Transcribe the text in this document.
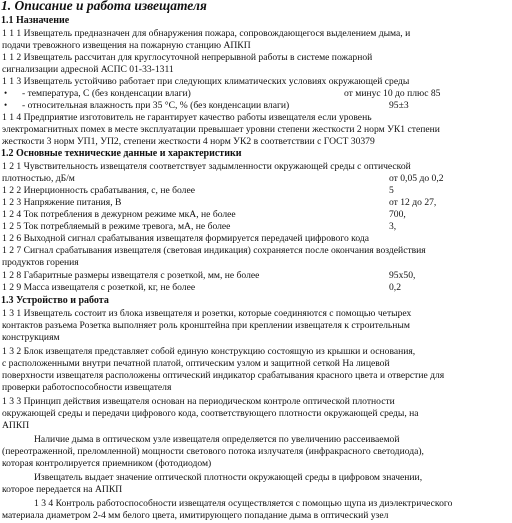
1. Описание и работа извещателя
1.1 Назначение
1 1 1 Извещатель предназначен для обнаружения пожара, сопровождающегося выделением дыма, и
подачи тревожного извещения на пожарную станцию АПКП
1 1 2 Извещатель рассчитан для круглосуточной непрерывной работы в системе пожарной
сигнализации адресной АСПС 01-33-1311
1 1 3 Извещатель устойчиво работает при следующих климатических условиях окружающей среды
• - температура, С (без конденсации влаги)	от минус 10 до плюс 85
• - относительная влажность при 35 °С, % (без конденсации влаги)	95±3
1 1 4 Предприятие изготовитель не гарантирует качество работы извещателя если уровень
электромагнитных помех в месте эксплуатации превышает уровни степени жесткости 2 норм УК1 степени
жесткости 3 норм УП1, УП2, степени жесткости 4 норм УК2 в соответствии с ГОСТ 30379
1.2 Основные технические данные и характеристики
1 2 1 Чувствительность извещателя соответствует задымленности окружающей среды с оптической
плотностью, дБ/м	от 0,05 до 0,2
1 2 2 Инерционность срабатывания, с, не более	5
1 2 3 Напряжение питания, В	от 12 до 27,
1 2 4 Ток потребления в дежурном режиме мкА, не более	700,
1 2 5 Ток потребляемый в режиме тревога, мА, не более	3,
1 2 6 Выходной сигнал срабатывания извещателя формируется передачей цифрового кода
1 2 7 Сигнал срабатывания извещателя (световая индикация) сохраняется после окончания воздействия
продуктов горения
1 2 8 Габаритные размеры извещателя с розеткой, мм, не более	95x50,
1 2 9 Масса извещателя с розеткой, кг, не более	0,2
1.3 Устройство и работа
1 3 1 Извещатель состоит из блока извещателя и розетки, которые соединяются с помощью четырех
контактов разъема Розетка выполняет роль кронштейна при креплении извещателя к строительным
конструкциям
1 3 2 Блок извещателя представляет собой единую конструкцию состоящую из крышки и основания,
с расположенными внутри печатной платой, оптическим узлом и защитной сеткой На лицевой
поверхности извещателя расположены оптический индикатор срабатывания красного цвета и отверстие для
проверки работоспособности извещателя
1 3 3 Принцип действия извещателя основан на периодическом контроле оптической плотности
окружающей среды и передачи цифрового кода, соответствующего плотности окружающей среды, на
АПКП
Наличие дыма в оптическом узле извещателя определяется по увеличению рассеиваемой
(переотраженной, преломленной) мощности светового потока излучателя (инфракрасного светодиода),
которая контролируется приемником (фотодиодом)
Извещатель выдает значение оптической плотности окружающей среды в цифровом значении,
которое передается на АПКП
1 3 4 Контроль работоспособности извещателя осуществляется с помощью щупа из диэлектрического
материала диаметром 2-4 мм белого цвета, имитирующего попадание дыма в оптический узел
